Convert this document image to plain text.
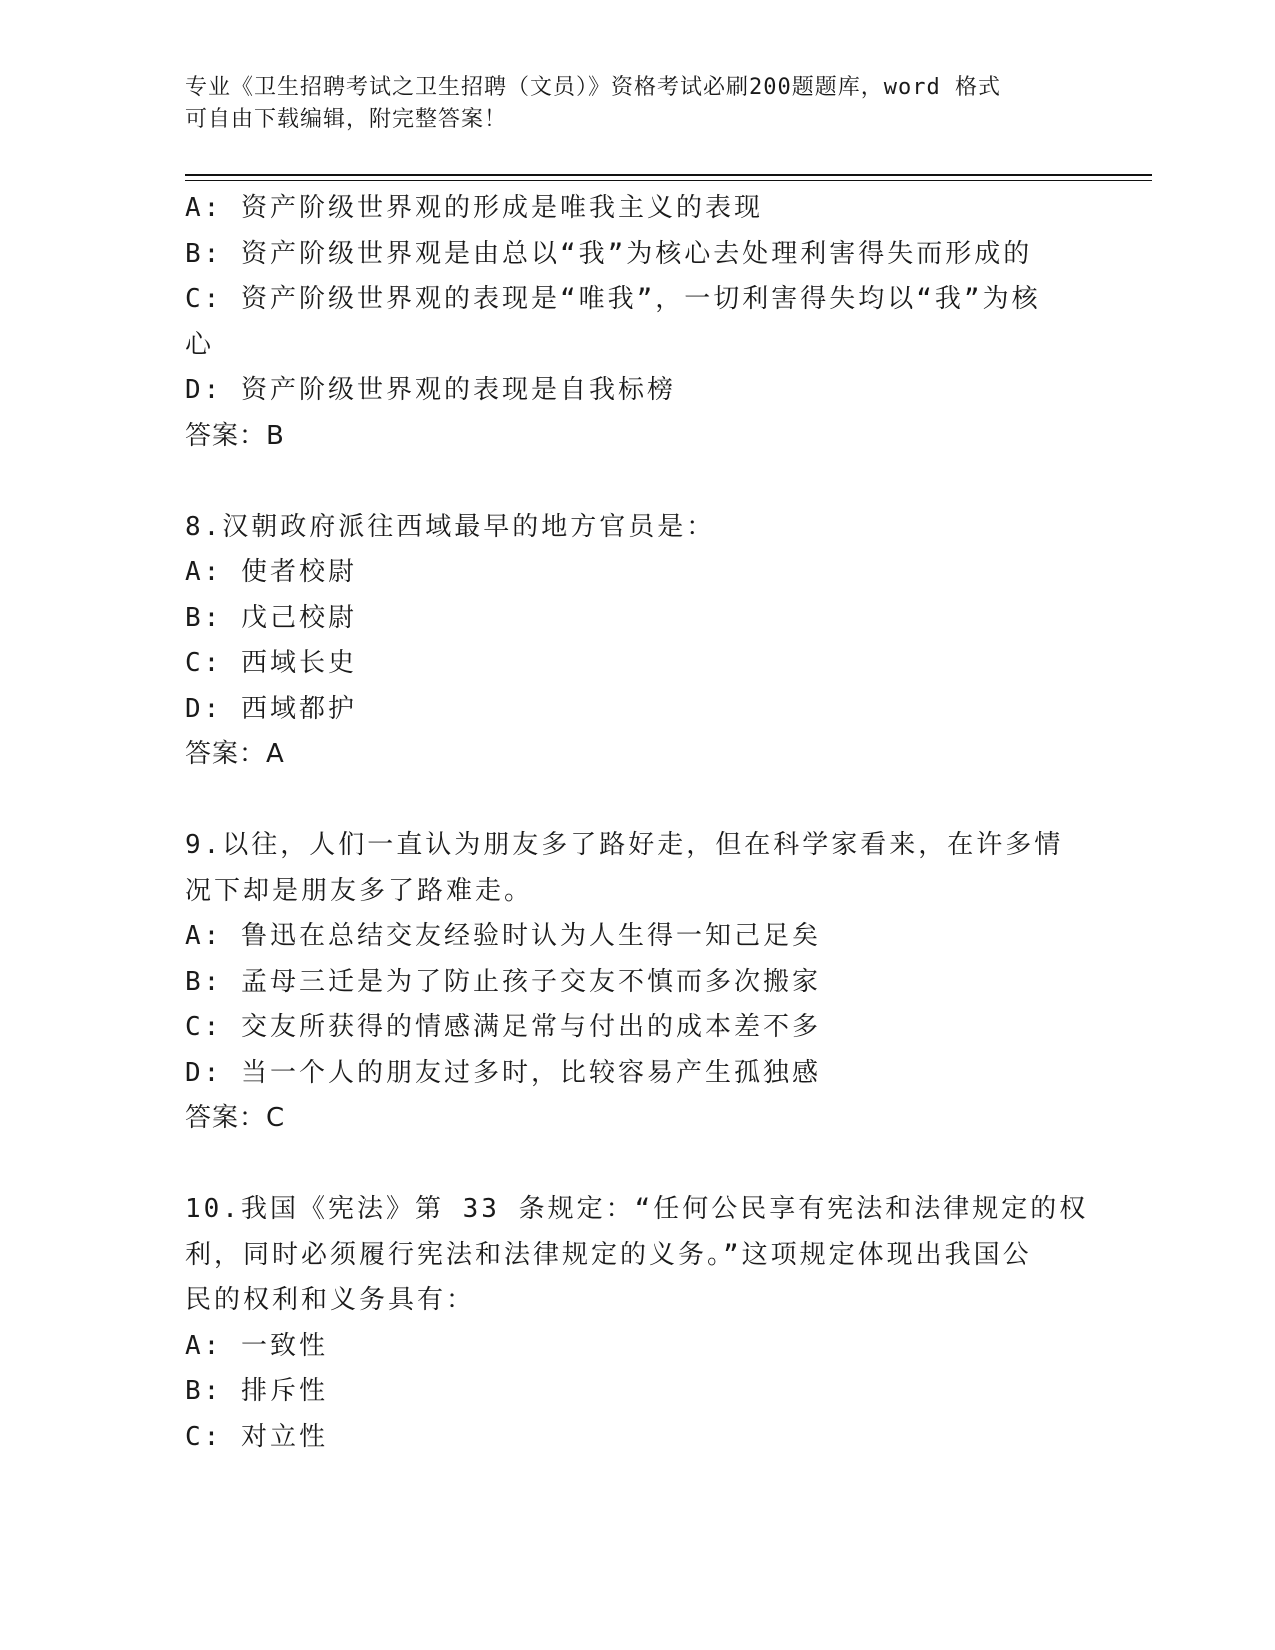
专业《卫生招聘考试之卫生招聘（文员）》资格考试必刷200题题库，word 格式
可自由下载编辑，附完整答案！
A: 资产阶级世界观的形成是唯我主义的表现
B: 资产阶级世界观是由总以“我”为核心去处理利害得失而形成的
C: 资产阶级世界观的表现是“唯我”，一切利害得失均以“我”为核
心
D: 资产阶级世界观的表现是自我标榜
答案：B
8.汉朝政府派往西域最早的地方官员是：
A: 使者校尉
B: 戊己校尉
C: 西域长史
D: 西域都护
答案：A
9.以往，人们一直认为朋友多了路好走，但在科学家看来，在许多情
况下却是朋友多了路难走。
A: 鲁迅在总结交友经验时认为人生得一知己足矣
B: 孟母三迁是为了防止孩子交友不慎而多次搬家
C: 交友所获得的情感满足常与付出的成本差不多
D: 当一个人的朋友过多时，比较容易产生孤独感
答案：C
10.我国《宪法》第 33 条规定：“任何公民享有宪法和法律规定的权
利，同时必须履行宪法和法律规定的义务。”这项规定体现出我国公
民的权利和义务具有：
A: 一致性
B: 排斥性
C: 对立性
